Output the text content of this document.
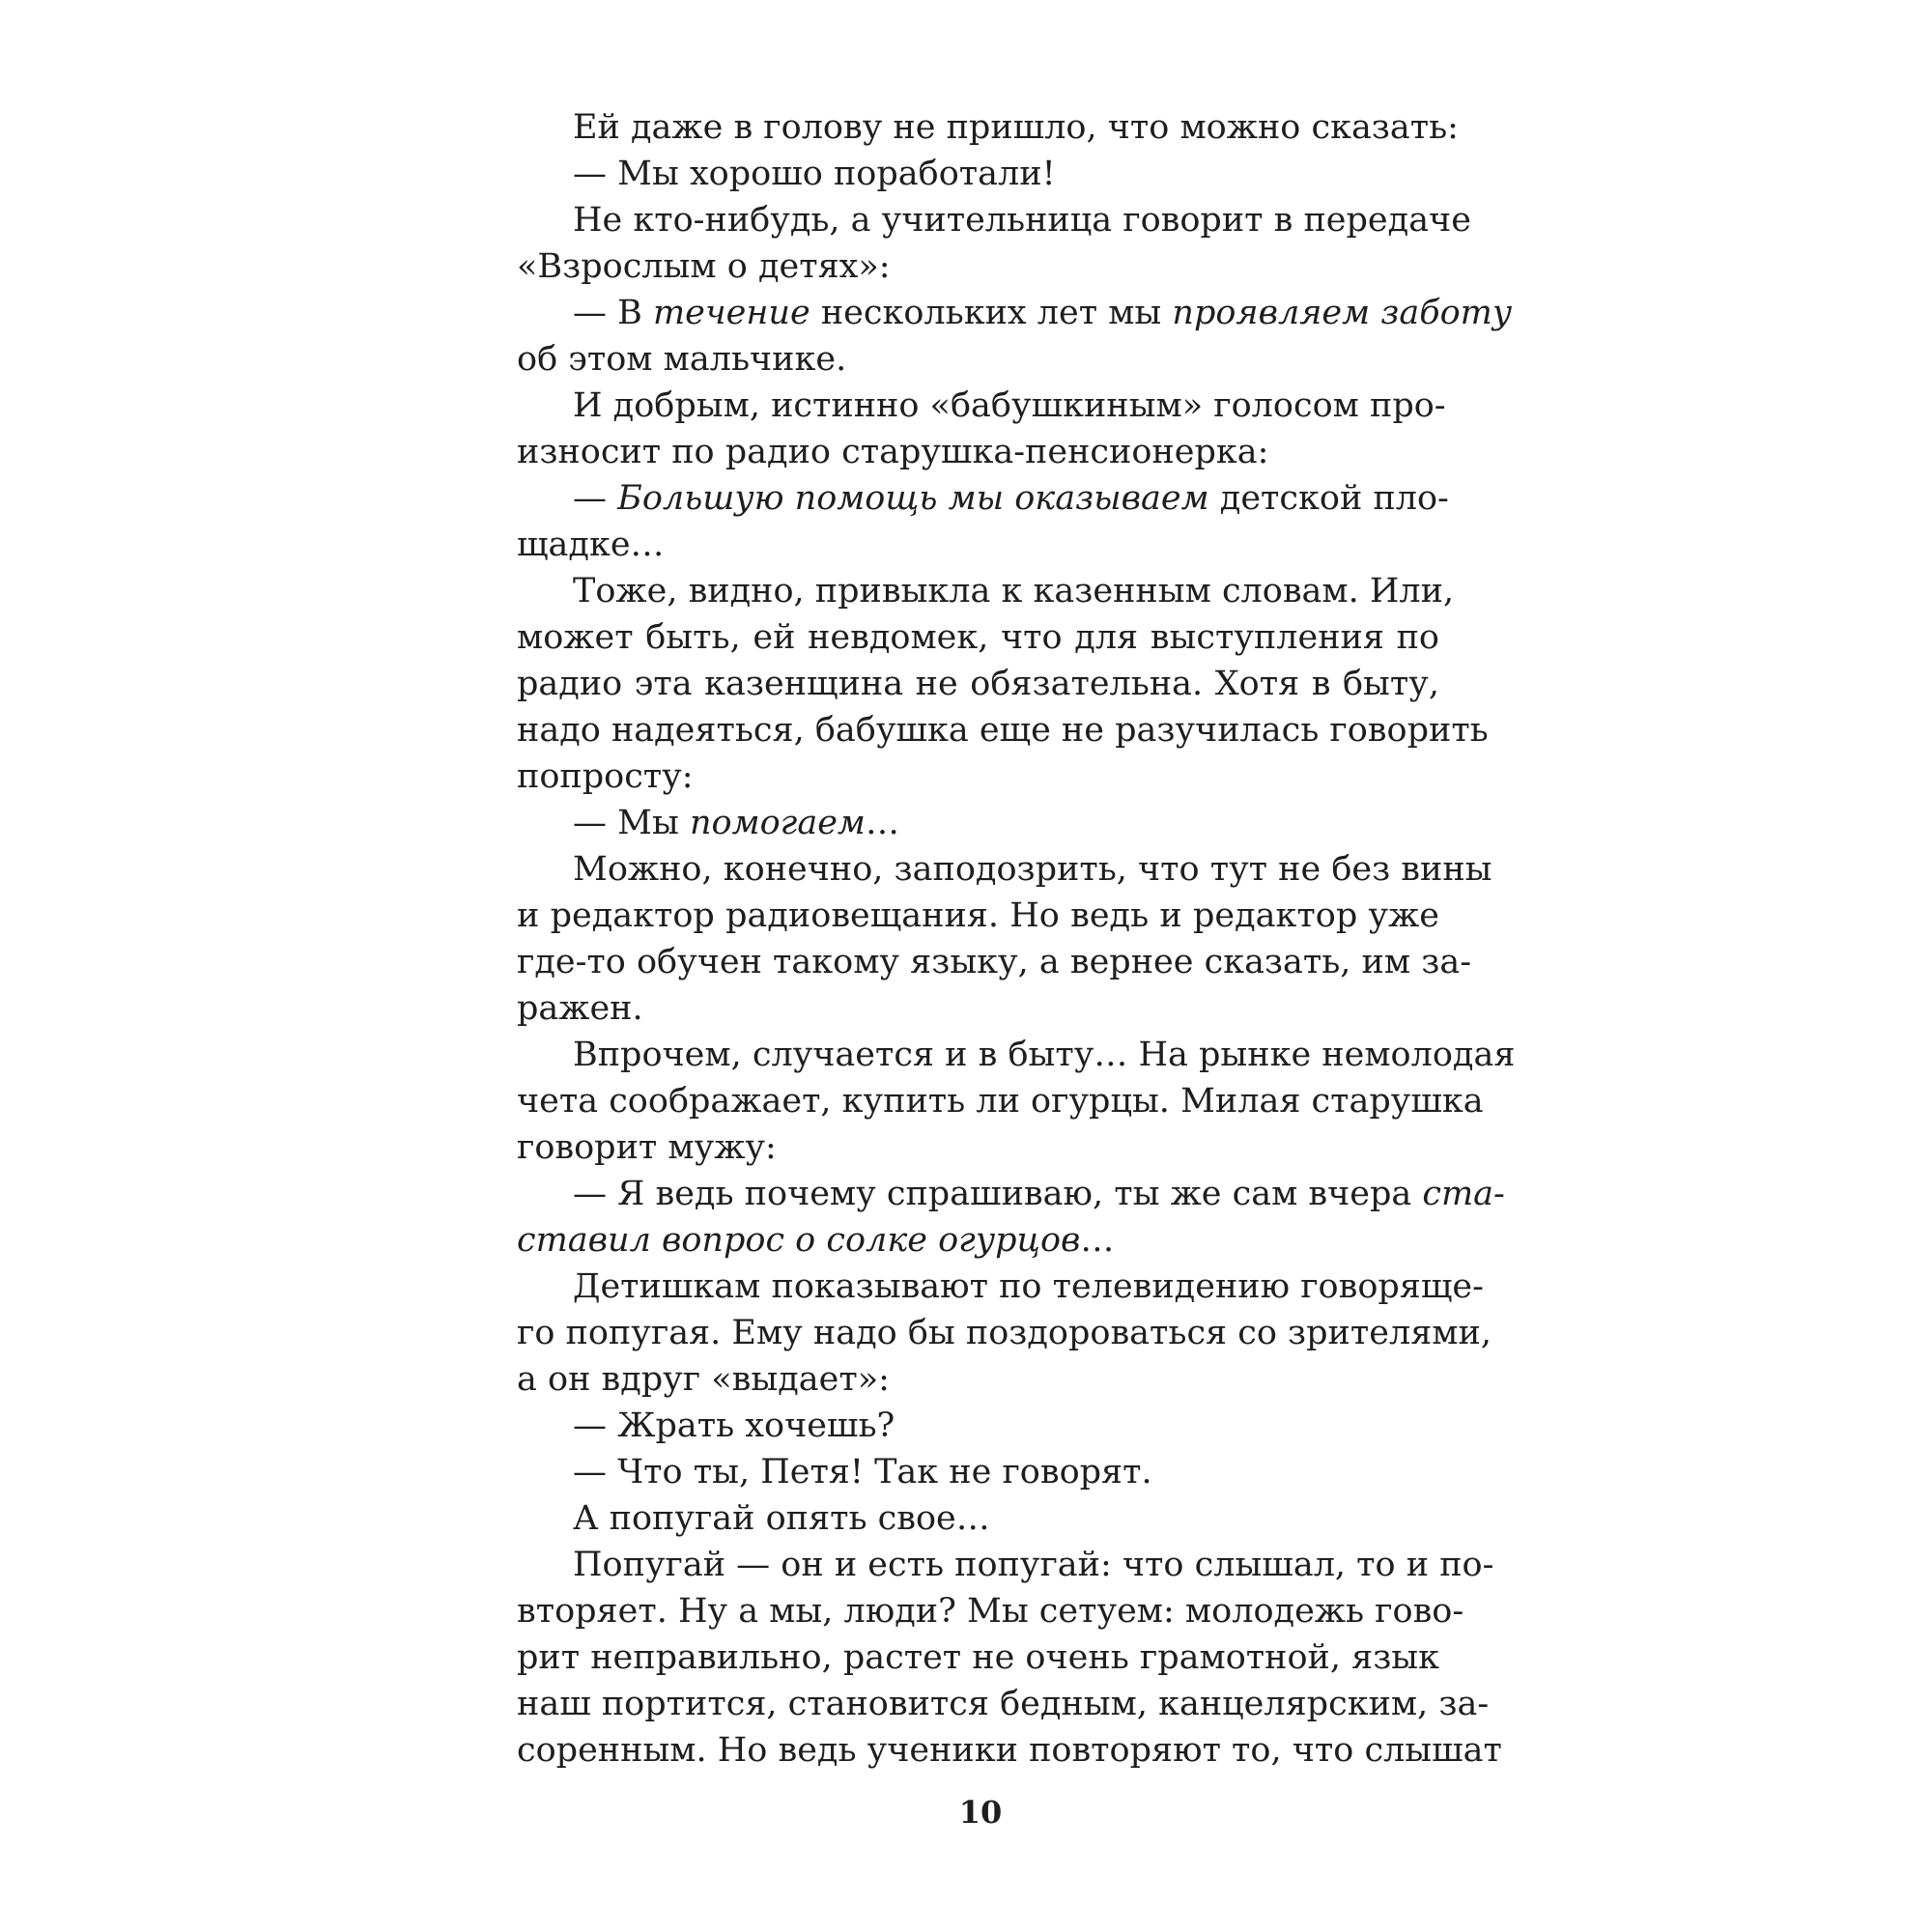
Ей даже в голову не пришло, что можно сказать:
— Мы хорошо поработали!
Не кто-нибудь, а учительница говорит в передаче
«Взрослым о детях»:
— В течение нескольких лет мы проявляем заботу
об этом мальчике.
И добрым, истинно «бабушкиным» голосом про-
износит по радио старушка-пенсионерка:
— Большую помощь мы оказываем детской пло-
щадке…
Тоже, видно, привыкла к казенным словам. Или,
может быть, ей невдомек, что для выступления по
радио эта казенщина не обязательна. Хотя в быту,
надо надеяться, бабушка еще не разучилась говорить
попросту:
— Мы помогаем…
Можно, конечно, заподозрить, что тут не без вины
и редактор радиовещания. Но ведь и редактор уже
где-то обучен такому языку, а вернее сказать, им за-
ражен.
Впрочем, случается и в быту… На рынке немолодая
чета соображает, купить ли огурцы. Милая старушка
говорит мужу:
— Я ведь почему спрашиваю, ты же сам вчера ста-
ставил вопрос о солке огурцов…
Детишкам показывают по телевидению говоряще-
го попугая. Ему надо бы поздороваться со зрителями,
а он вдруг «выдает»:
— Жрать хочешь?
— Что ты, Петя! Так не говорят.
А попугай опять свое…
Попугай — он и есть попугай: что слышал, то и по-
вторяет. Ну а мы, люди? Мы сетуем: молодежь гово-
рит неправильно, растет не очень грамотной, язык
наш портится, становится бедным, канцелярским, за-
соренным. Но ведь ученики повторяют то, что слышат
10
